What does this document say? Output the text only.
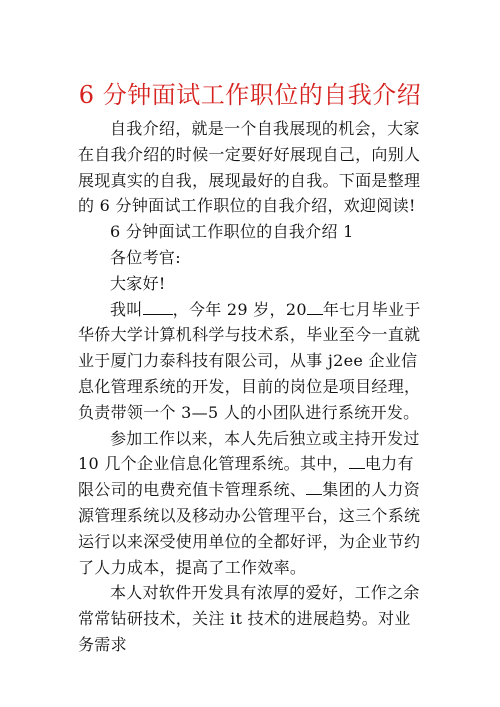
6 分钟面试工作职位的自我介绍

自我介绍，就是一个自我展现的机会，大家在自我介绍的时候一定要好好展现自己，向别人展现真实的自我，展现最好的自我。下面是整理的 6 分钟面试工作职位的自我介绍，欢迎阅读!

6 分钟面试工作职位的自我介绍 1

各位考官:

大家好!

我叫 ，今年 29 岁，20 年七月毕业于华侨大学计算机科学与技术系，毕业至今一直就业于厦门力泰科技有限公司，从事 j2ee 企业信息化管理系统的开发，目前的岗位是项目经理，负责带领一个 3—5 人的小团队进行系统开发。

参加工作以来，本人先后独立或主持开发过 10 几个企业信息化管理系统。其中， 电力有限公司的电费充值卡管理系统、 集团的人力资源管理系统以及移动办公管理平台，这三个系统运行以来深受使用单位的全都好评，为企业节约了人力成本，提高了工作效率。

本人对软件开发具有浓厚的爱好，工作之余常常钻研技术，关注 it 技术的进展趋势。对业务需求
